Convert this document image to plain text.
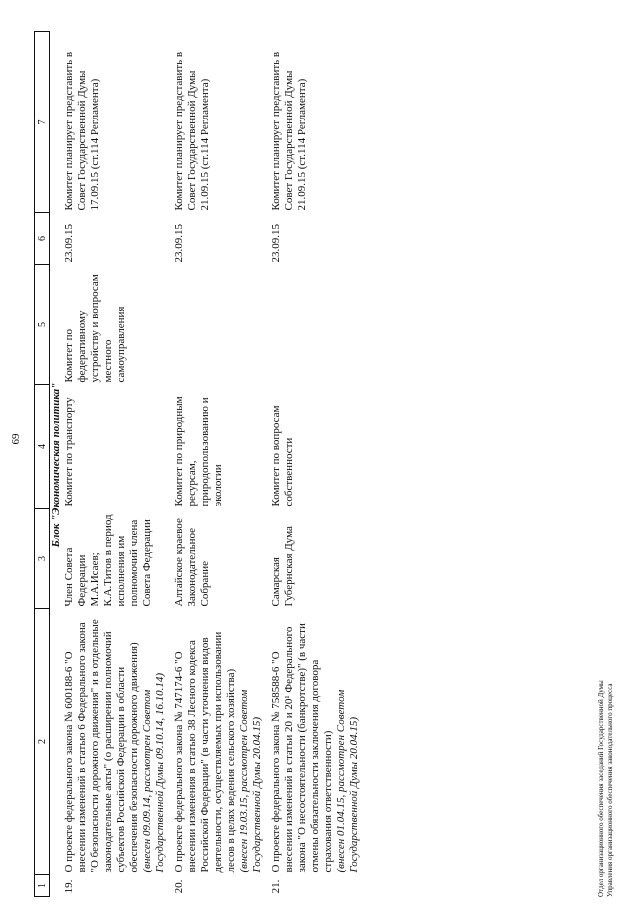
69
1	2	3	4	5	6	7
Блок "Экономическая политика"						
19.	О проекте федерального закона № 600188-6 "О внесении изменений в статью 6 Федерального закона "О безопасности дорожного движения" и в отдельные законодательные акты" (о расширении полномочий субъектов Российской Федерации в области обеспечения безопасности дорожного движения) (внесен 09.09.14, рассмотрен Советом Государственной Думы 09.10.14, 16.10.14)	Член Совета Федерации М.А.Исаев; К.А.Титов в период исполнения им полномочий члена Совета Федерации	Комитет по транспорту	Комитет по федеративному устройству и вопросам местного самоуправления	23.09.15	Комитет планирует представить в Совет Государственной Думы 17.09.15 (ст.114 Регламента)

20.	О проекте федерального закона № 747174-6 "О внесении изменения в статью 38 Лесного кодекса Российской Федерации" (в части уточнения видов деятельности, осуществляемых при использовании лесов в целях ведения сельского хозяйства) (внесен 19.03.15, рассмотрен Советом Государственной Думы 20.04.15)	Алтайское краевое Законодательное Собрание	Комитет по природным ресурсам, природопользованию и экологии		23.09.15	Комитет планирует представить в Совет Государственной Думы 21.09.15 (ст.114 Регламента)

21.	О проекте федерального закона № 758588-6 "О внесении изменений в статьи 20 и 20¹ Федерального закона "О несостоятельности (банкротстве)" (в части отмены обязательности заключения договора страхования ответственности) (внесен 01.04.15, рассмотрен Советом Государственной Думы 20.04.15)	Самарская Губернская Дума	Комитет по вопросам собственности		23.09.15	Комитет планирует представить в Совет Государственной Думы 21.09.15 (ст.114 Регламента)
Отдел организационного обеспечения заседаний Государственной Думы Управления организационного обеспечения законодательного процесса
